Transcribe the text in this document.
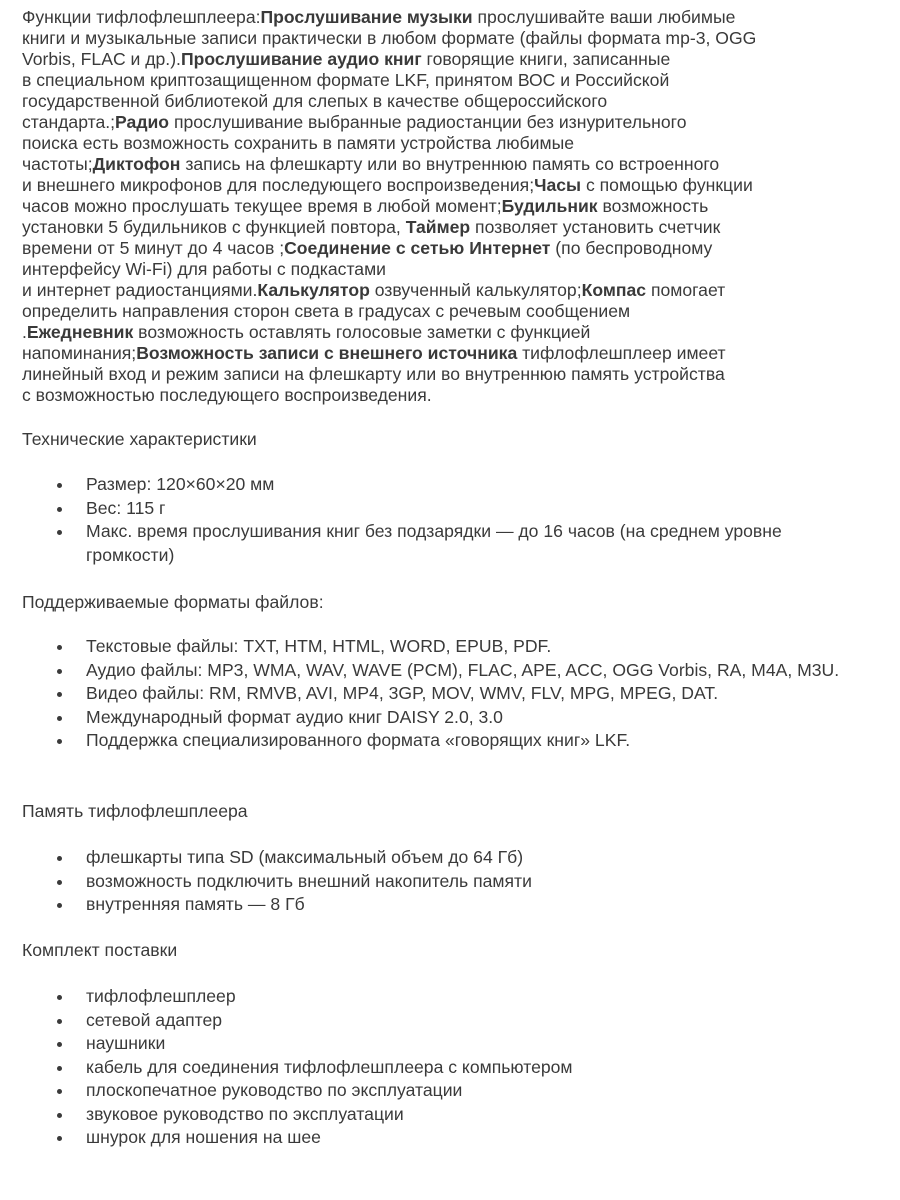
Функции тифлофлешплеера:Прослушивание музыки прослушивайте ваши любимые
книги и музыкальные записи практически в любом формате (файлы формата mp-3, OGG
Vorbis, FLAC и др.).Прослушивание аудио книг говорящие книги, записанные
в специальном криптозащищенном формате LKF, принятом ВОС и Российской
государственной библиотекой для слепых в качестве общероссийского
стандарта.;Радио прослушивание выбранные радиостанции без изнурительного
поиска есть возможность сохранить в памяти устройства любимые
частоты;Диктофон запись на флешкарту или во внутреннюю память со встроенного
и внешнего микрофонов для последующего воспроизведения;Часы с помощью функции
часов можно прослушать текущее время в любой момент;Будильник возможность
установки 5 будильников с функцией повтора, Таймер позволяет установить счетчик
времени от 5 минут до 4 часов ;Соединение с сетью Интернет (по беспроводному
интерфейсу Wi-Fi) для работы с подкастами
и интернет радиостанциями.Калькулятор озвученный калькулятор;Компас помогает
определить направления сторон света в градусах с речевым сообщением
.Ежедневник возможность оставлять голосовые заметки с функцией
напоминания;Возможность записи с внешнего источника тифлофлешплеер имеет
линейный вход и режим записи на флешкарту или во внутреннюю память устройства
с возможностью последующего воспроизведения.
Технические характеристики
Размер: 120×60×20 мм
Вес: 115 г
Макс. время прослушивания книг без подзарядки — до 16 часов (на среднем уровне громкости)
Поддерживаемые форматы файлов:
Текстовые файлы: TXT, HTM, HTML, WORD, EPUB, PDF.
Аудио файлы: MP3, WMA, WAV, WAVE (PCM), FLAC, APE, ACC, OGG Vorbis, RA, M4A, M3U.
Видео файлы: RM, RMVB, AVI, MP4, 3GP, MOV, WMV, FLV, MPG, MPEG, DAT.
Международный формат аудио книг DAISY 2.0, 3.0
Поддержка специализированного формата «говорящих книг» LKF.
Память тифлофлешплеера
флешкарты типа SD (максимальный объем до 64 Гб)
возможность подключить внешний накопитель памяти
внутренняя память — 8 Гб
Комплект поставки
тифлофлешплеер
сетевой адаптер
наушники
кабель для соединения тифлофлешплеера с компьютером
плоскопечатное руководство по эксплуатации
звуковое руководство по эксплуатации
шнурок для ношения на шее
